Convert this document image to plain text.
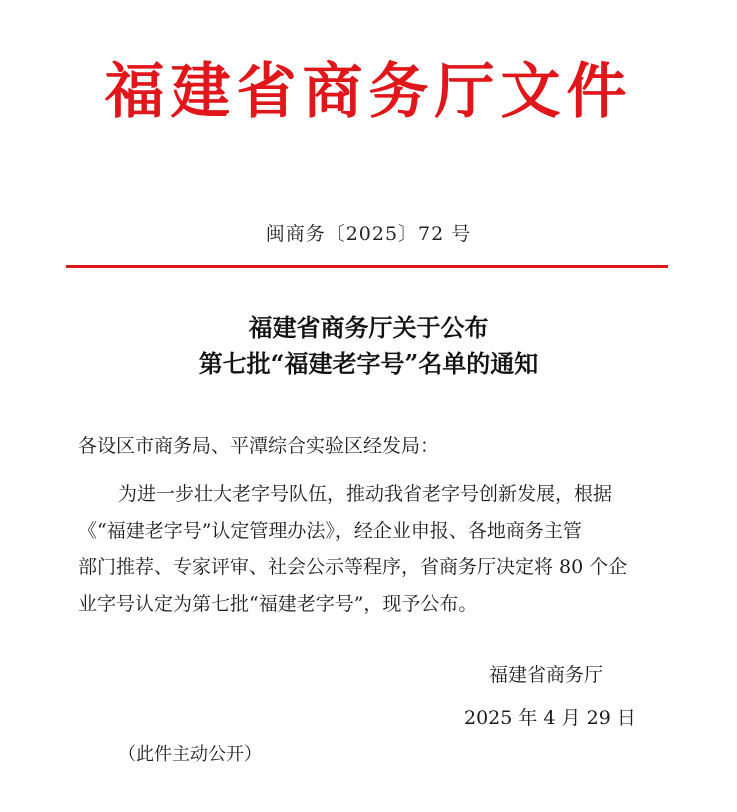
福建省商务厅文件
闽商务〔2025〕72 号
福建省商务厅关于公布
第七批“福建老字号”名单的通知
各设区市商务局、平潭综合实验区经发局：

为进一步壮大老字号队伍，推动我省老字号创新发展，根据
《“福建老字号”认定管理办法》，经企业申报、各地商务主管
部门推荐、专家评审、社会公示等程序，省商务厅决定将 80 个企
业字号认定为第七批“福建老字号”，现予公布。

福建省商务厅
2025 年 4 月 29 日
（此件主动公开）
